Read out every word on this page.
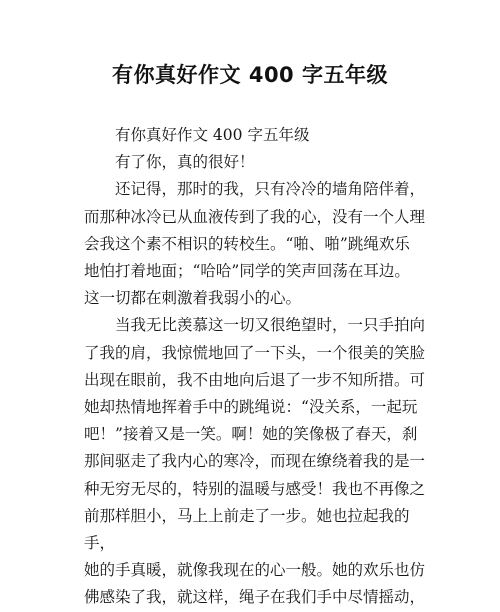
有你真好作文 400 字五年级

有你真好作文 400 字五年级

有了你，真的很好！

还记得，那时的我，只有冷冷的墙角陪伴着，

而那种冰冷已从血液传到了我的心，没有一个人理

会我这个素不相识的转校生。“啪、啪”跳绳欢乐

地怕打着地面；“哈哈”同学的笑声回荡在耳边。

这一切都在刺激着我弱小的心。

当我无比羡慕这一切又很绝望时，一只手拍向

了我的肩，我惊慌地回了一下头，一个很美的笑脸

出现在眼前，我不由地向后退了一步不知所措。可

她却热情地挥着手中的跳绳说：“没关系，一起玩

吧！”接着又是一笑。啊！她的笑像极了春天，刹

那间驱走了我内心的寒冷，而现在缭绕着我的是一

种无穷无尽的，特别的温暖与感受！我也不再像之

前那样胆小，马上上前走了一步。她也拉起我的手，

她的手真暖，就像我现在的心一般。她的欢乐也仿

佛感染了我，就这样，绳子在我们手中尽情摇动，
